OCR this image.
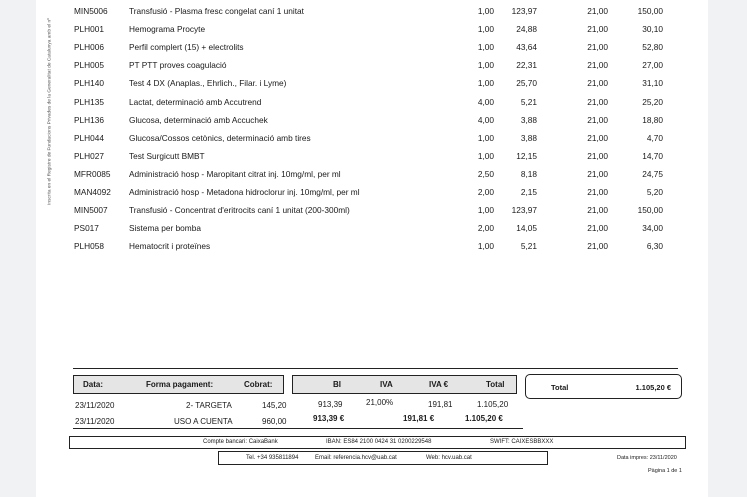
Inscrita en el Registre de Fundacions Privades de la Generalitat de Catalunya amb el nº
MIN5006	Transfusió - Plasma fresc congelat caní 1 unitat	1,00	123,97	21,00	150,00
PLH001	Hemograma Procyte	1,00	24,88	21,00	30,10
PLH006	Perfil complert (15) + electrolits	1,00	43,64	21,00	52,80
PLH005	PT PTT proves coagulació	1,00	22,31	21,00	27,00
PLH140	Test 4 DX (Anaplas., Ehrlich., Filar. i Lyme)	1,00	25,70	21,00	31,10
PLH135	Lactat, determinació amb Accutrend	4,00	5,21	21,00	25,20
PLH136	Glucosa, determinació amb Accuchek	4,00	3,88	21,00	18,80
PLH044	Glucosa/Cossos cetònics, determinació amb tires	1,00	3,88	21,00	4,70
PLH027	Test Surgicutt BMBT	1,00	12,15	21,00	14,70
MFR0085 Administració hosp - Maropitant citrat inj. 10mg/ml, per ml	2,50	8,18	21,00	24,75
MAN4092 Administració hosp - Metadona hidroclorur inj. 10mg/ml, per ml	2,00	2,15	21,00	5,20
MIN5007	Transfusió - Concentrat d'eritrocits caní 1 unitat (200-300ml)	1,00	123,97	21,00	150,00
PS017	Sistema per bomba	2,00	14,05	21,00	34,00
PLH058	Hematocrit i proteïnes	1,00	5,21	21,00	6,30
Data:	Forma pagament:	Cobrat:	BI	IVA	IVA €	Total	Total	1.105,20 €
23/11/2020	2- TARGETA	145,20
23/11/2020	USO A CUENTA	960,00
913,39	21,00%	191,81	1.105,20
913,39 €	191,81 €	1.105,20 €
Compte bancari: CaixaBank	IBAN: ES84 2100 0424 31 0200229548	SWIFT: CAIXESBBXXX
Tel. +34 935811894	Email: referencia.hcv@uab.cat	Web: hcv.uab.cat	Data impres: 23/11/2020
Pàgina 1 de 1
